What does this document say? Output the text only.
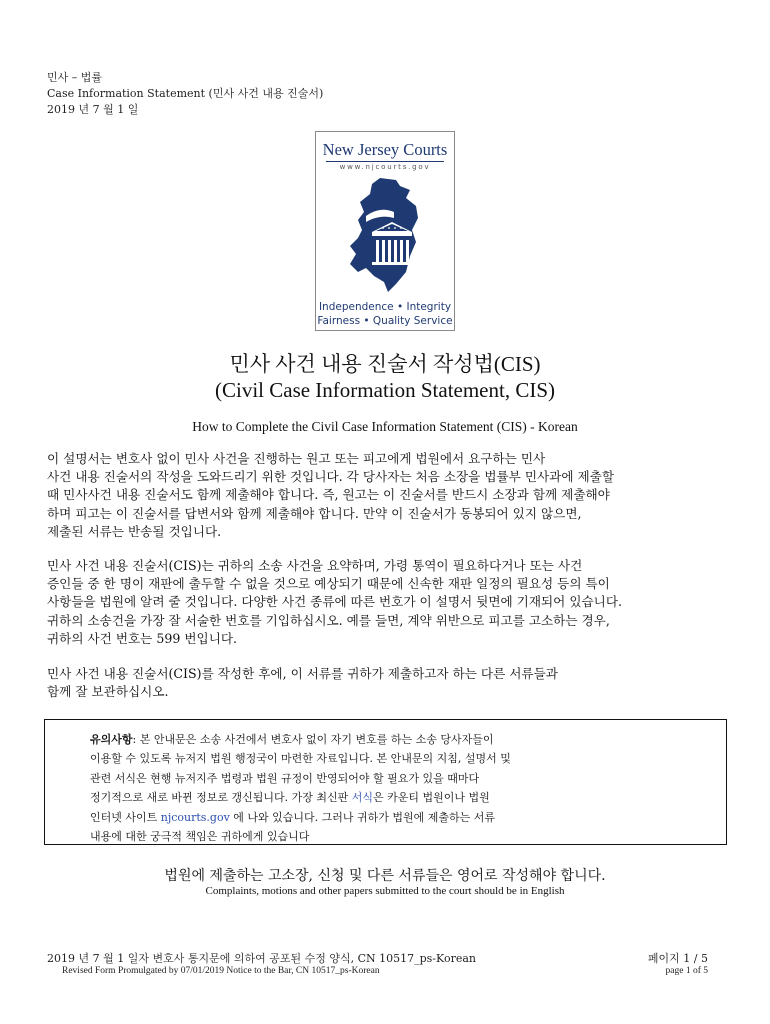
민사 – 법률
Case Information Statement (민사 사건 내용 진술서)
2019 년 7 월 1 일
New Jersey Courts
www.njcourts.gov
Independence • Integrity
Fairness • Quality Service
민사 사건 내용 진술서 작성법(CIS)
(Civil Case Information Statement, CIS)
How to Complete the Civil Case Information Statement (CIS) - Korean
이 설명서는 변호사 없이 민사 사건을 진행하는 원고 또는 피고에게 법원에서 요구하는 민사
사건 내용 진술서의 작성을 도와드리기 위한 것입니다. 각 당사자는 처음 소장을 법률부 민사과에 제출할
때 민사사건 내용 진술서도 함께 제출해야 합니다. 즉, 원고는 이 진술서를 반드시 소장과 함께 제출해야
하며 피고는 이 진술서를 답변서와 함께 제출해야 합니다. 만약 이 진술서가 동봉되어 있지 않으면,
제출된 서류는 반송될 것입니다.
민사 사건 내용 진술서(CIS)는 귀하의 소송 사건을 요약하며, 가령 통역이 필요하다거나 또는 사건
증인들 중 한 명이 재판에 출두할 수 없을 것으로 예상되기 때문에 신속한 재판 일정의 필요성 등의 특이
사항들을 법원에 알려 줄 것입니다. 다양한 사건 종류에 따른 번호가 이 설명서 뒷면에 기재되어 있습니다.
귀하의 소송건을 가장 잘 서술한 번호를 기입하십시오. 예를 들면, 계약 위반으로 피고를 고소하는 경우,
귀하의 사건 번호는 599 번입니다.
민사 사건 내용 진술서(CIS)를 작성한 후에, 이 서류를 귀하가 제출하고자 하는 다른 서류들과
함께 잘 보관하십시오.
유의사항: 본 안내문은 소송 사건에서 변호사 없이 자기 변호를 하는 소송 당사자들이
이용할 수 있도록 뉴저지 법원 행정국이 마련한 자료입니다. 본 안내문의 지침, 설명서 및
관련 서식은 현행 뉴저지주 법령과 법원 규정이 반영되어야 할 필요가 있을 때마다
정기적으로 새로 바뀐 정보로 갱신됩니다. 가장 최신판 서식은 카운티 법원이나 법원
인터넷 사이트 njcourts.gov 에 나와 있습니다. 그러나 귀하가 법원에 제출하는 서류
내용에 대한 궁극적 책임은 귀하에게 있습니다
법원에 제출하는 고소장, 신청 및 다른 서류들은 영어로 작성해야 합니다.
Complaints, motions and other papers submitted to the court should be in English
2019 년 7 월 1 일자 변호사 통지문에 의하여 공포된 수정 양식, CN 10517_ps-Korean
Revised Form Promulgated by 07/01/2019 Notice to the Bar, CN 10517_ps-Korean
페이지 1 / 5
page 1 of 5
